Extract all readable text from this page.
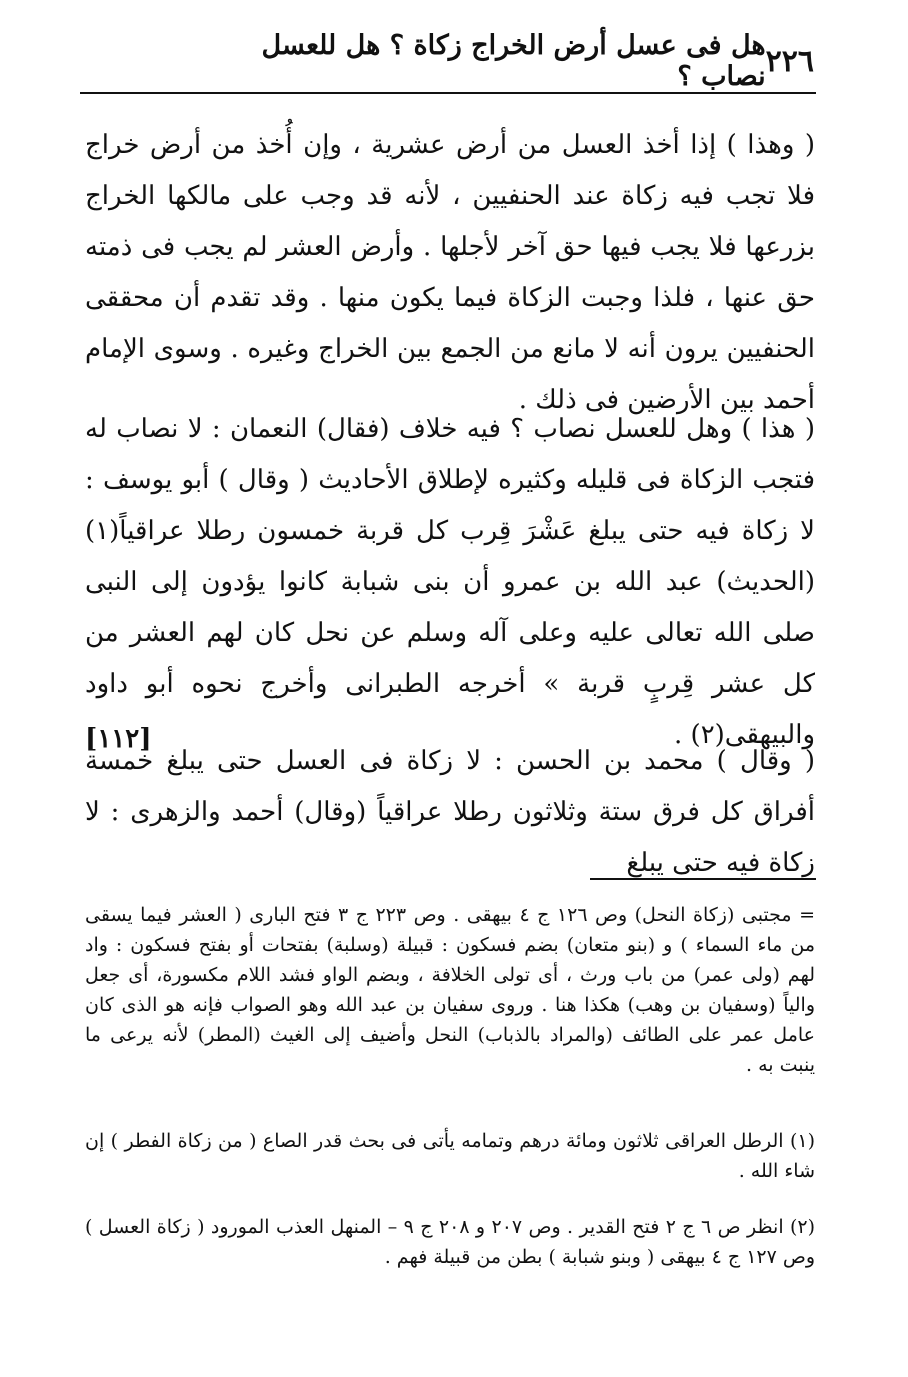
٢٢٦
هل فى عسل أرض الخراج زكاة ؟ هل للعسل نصاب ؟

( وهذا ) إذا أخذ العسل من أرض عشرية ، وإن أُخذ من أرض خراج فلا تجب فيه زكاة عند الحنفيين ، لأنه قد وجب على مالكها الخراج بزرعها فلا يجب فيها حق آخر لأجلها . وأرض العشر لم يجب فى ذمته حق عنها ، فلذا وجبت الزكاة فيما يكون منها . وقد تقدم أن محققى الحنفيين يرون أنه لا مانع من الجمع بين الخراج وغيره . وسوى الإمام أحمد بين الأرضين فى ذلك .

( هذا ) وهل للعسل نصاب ؟ فيه خلاف (فقال) النعمان : لا نصاب له فتجب الزكاة فى قليله وكثيره لإطلاق الأحاديث ( وقال ) أبو يوسف : لا زكاة فيه حتى يبلغ عَشْرَ قِرب كل قربة خمسون رطلا عراقياً(١) (الحديث) عبد الله بن عمرو أن بنى شبابة كانوا يؤدون إلى النبى صلى الله تعالى عليه وعلى آله وسلم عن نحل كان لهم العشر من كل عشر قِربٍ قربة » أخرجه الطبرانى وأخرج نحوه أبو داود والبيهقى(٢) .
[١١٢]

( وقال ) محمد بن الحسن : لا زكاة فى العسل حتى يبلغ خمسة أفراق كل فرق ستة وثلاثون رطلا عراقياً (وقال) أحمد والزهرى : لا زكاة فيه حتى يبلغ

= مجتبى (زكاة النحل) وص ١٢٦ ج ٤ بيهقى . وص ٢٢٣ ج ٣ فتح البارى ( العشر فيما يسقى من ماء السماء ) و (بنو متعان) بضم فسكون : قبيلة (وسلبة) بفتحات أو بفتح فسكون : واد لهم (ولى عمر) من باب ورث ، أى تولى الخلافة ، وبضم الواو فشد اللام مكسورة، أى جعل والياً (وسفيان بن وهب) هكذا هنا . وروى سفيان بن عبد الله وهو الصواب فإنه هو الذى كان عامل عمر على الطائف (والمراد بالذباب) النحل وأضيف إلى الغيث (المطر) لأنه يرعى ما ينبت به .

(١) الرطل العراقى ثلاثون ومائة درهم وتمامه يأتى فى بحث قدر الصاع ( من زكاة الفطر ) إن شاء الله .

(٢) انظر ص ٦ ج ٢ فتح القدير . وص ٢٠٧ و ٢٠٨ ج ٩ – المنهل العذب المورود ( زكاة العسل ) وص ١٢٧ ج ٤ بيهقى ( وبنو شبابة ) بطن من قبيلة فهم .
